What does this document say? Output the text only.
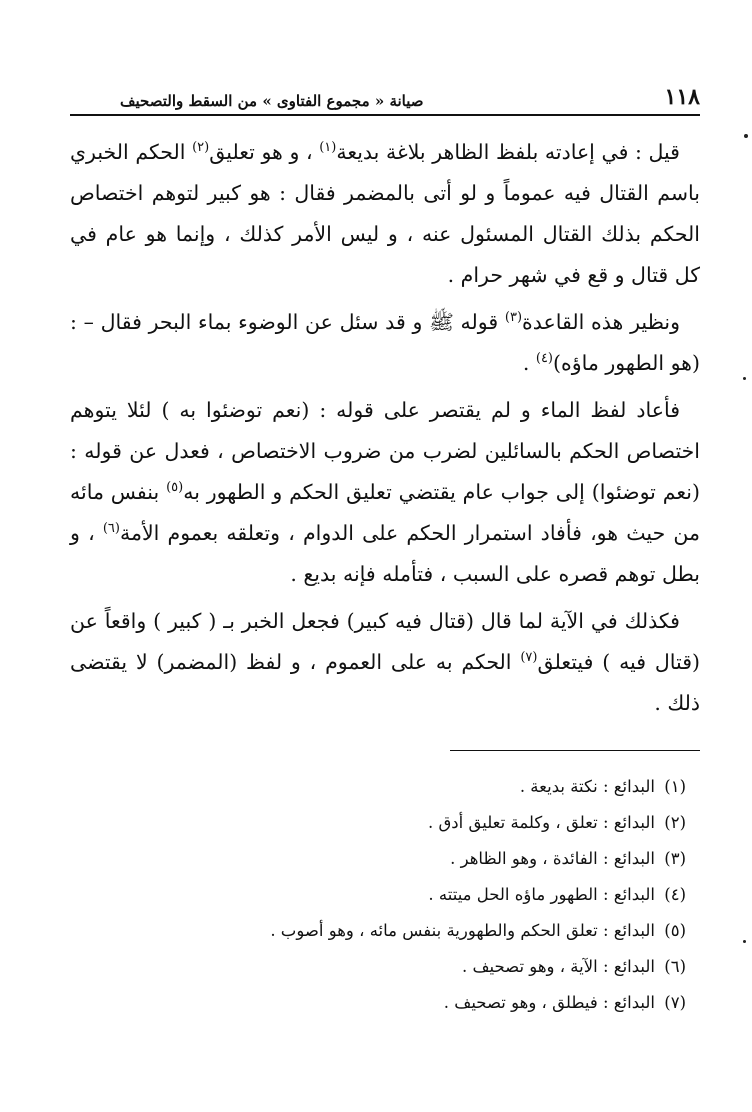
١١٨
صيانة « مجموع الفتاوى » من السقط والتصحيف

قيل : في إعادته بلفظ الظاهر بلاغة بديعة$^{(١)}$ ، و هو تعليق$^{(٢)}$ الحكم الخبري باسم القتال فيه عموماً و لو أتى بالمضمر فقال : هو كبير لتوهم اختصاص الحكم بذلك القتال المسئول عنه ، و ليس الأمر كذلك ، وإنما هو عام في كل قتال و قع في شهر حرام .

ونظير هذه القاعدة$^{(٣)}$ قوله ﷺ و قد سئل عن الوضوء بماء البحر فقال – : (هو الطهور ماؤه)$^{(٤)}$ .

فأعاد لفظ الماء و لم يقتصر على قوله : (نعم توضئوا به ) لئلا يتوهم اختصاص الحكم بالسائلين لضرب من ضروب الاختصاص ، فعدل عن قوله : (نعم توضئوا) إلى جواب عام يقتضي تعليق الحكم و الطهور به$^{(٥)}$ بنفس مائه من حيث هو، فأفاد استمرار الحكم على الدوام ، وتعلقه بعموم الأمة$^{(٦)}$ ، و بطل توهم قصره على السبب ، فتأمله فإنه بديع .

فكذلك في الآية لما قال (قتال فيه كبير) فجعل الخبر بـ ( كبير ) واقعاً عن (قتال فيه ) فيتعلق$^{(٧)}$ الحكم به على العموم ، و لفظ (المضمر) لا يقتضى ذلك .

(١) البدائع : نكتة بديعة .

(٢) البدائع : تعلق ، وكلمة تعليق أدق .

(٣) البدائع : الفائدة ، وهو الظاهر .

(٤) البدائع : الطهور ماؤه الحل ميتته .

(٥) البدائع : تعلق الحكم والطهورية بنفس مائه ، وهو أصوب .

(٦) البدائع : الآية ، وهو تصحيف .

(٧) البدائع : فيطلق ، وهو تصحيف .
